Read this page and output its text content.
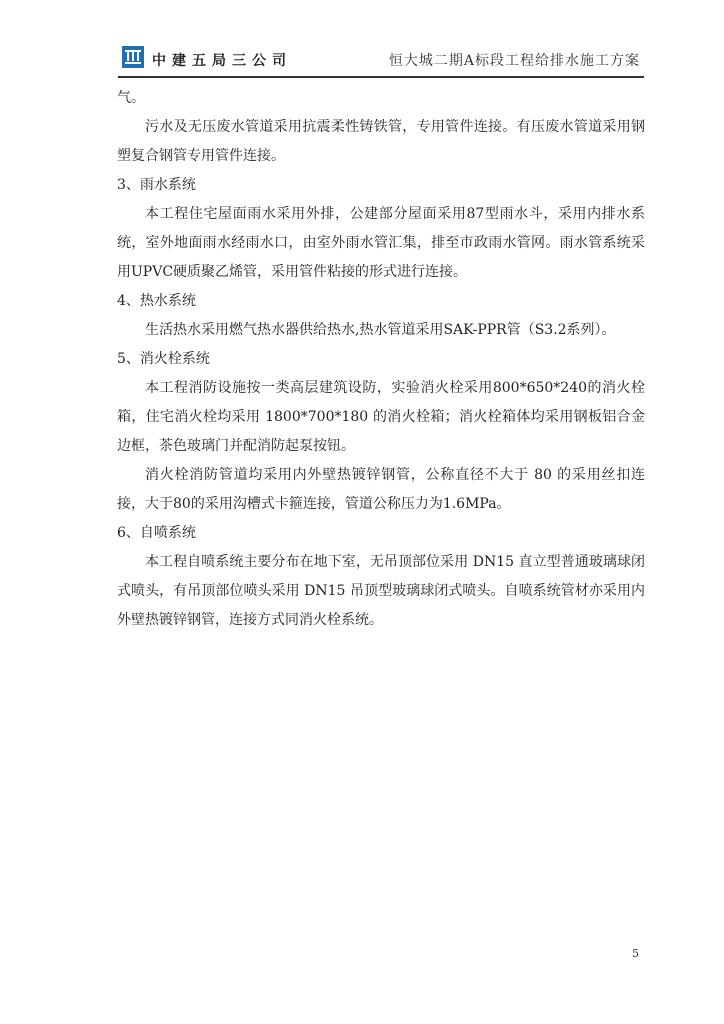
中建五局三公司	恒大城二期A标段工程给排水施工方案

气。

污水及无压废水管道采用抗震柔性铸铁管，专用管件连接。有压废水管道采用钢塑复合钢管专用管件连接。

3、雨水系统

本工程住宅屋面雨水采用外排，公建部分屋面采用87型雨水斗，采用内排水系统，室外地面雨水经雨水口，由室外雨水管汇集，排至市政雨水管网。雨水管系统采用UPVC硬质聚乙烯管，采用管件粘接的形式进行连接。

4、热水系统

生活热水采用燃气热水器供给热水,热水管道采用SAK-PPR管（S3.2系列）。

5、消火栓系统

本工程消防设施按一类高层建筑设防，实验消火栓采用800*650*240的消火栓箱，住宅消火栓均采用 1800*700*180 的消火栓箱；消火栓箱体均采用钢板铝合金边框，茶色玻璃门并配消防起泵按钮。

消火栓消防管道均采用内外壁热镀锌钢管，公称直径不大于 80 的采用丝扣连接，大于80的采用沟槽式卡箍连接，管道公称压力为1.6MPa。

6、自喷系统

本工程自喷系统主要分布在地下室，无吊顶部位采用 DN15 直立型普通玻璃球闭式喷头，有吊顶部位喷头采用 DN15 吊顶型玻璃球闭式喷头。自喷系统管材亦采用内外壁热镀锌钢管，连接方式同消火栓系统。

5
